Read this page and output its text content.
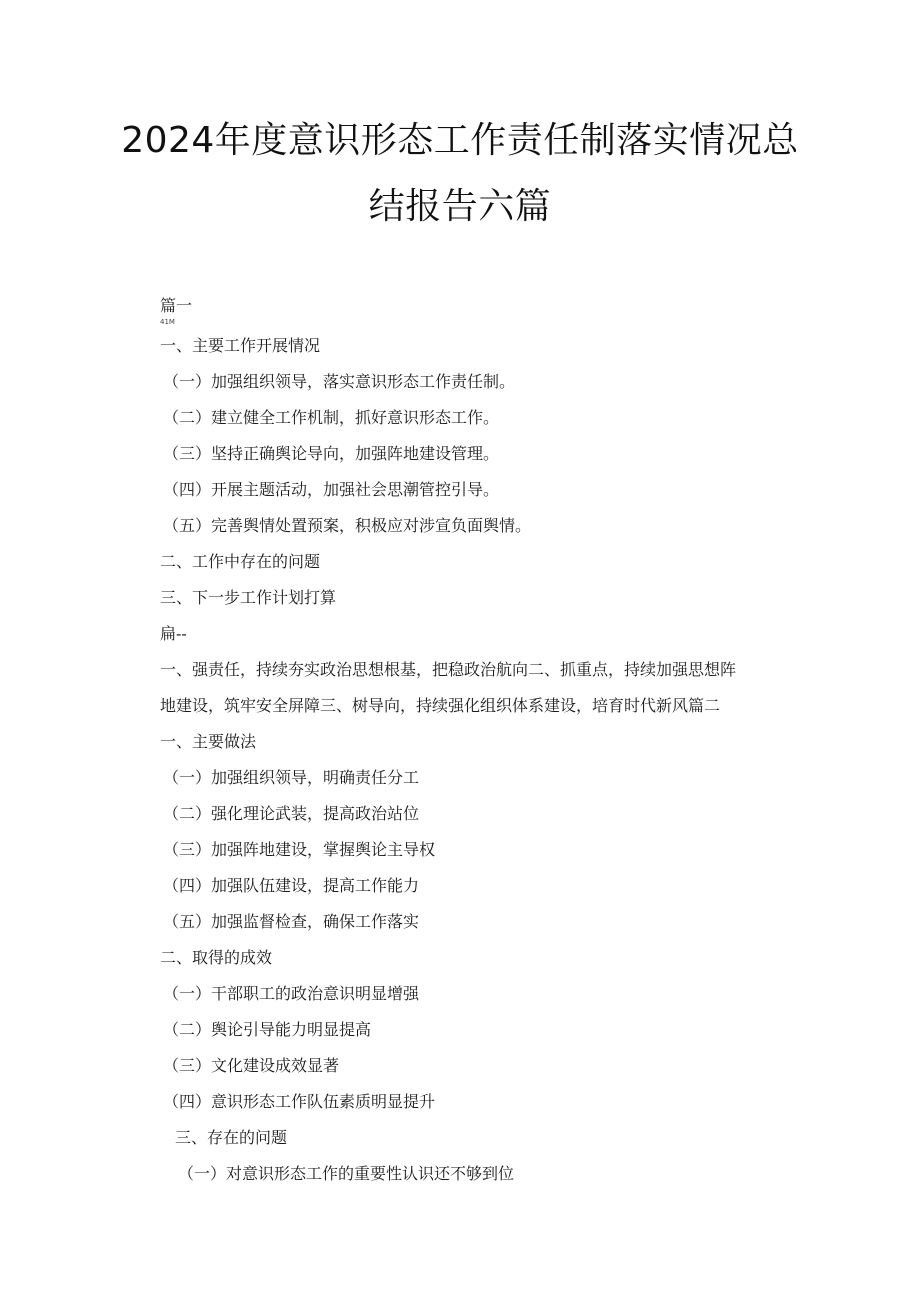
2024年度意识形态工作责任制落实情况总
结报告六篇

篇一

41M

一、主要工作开展情况

（一）加强组织领导，落实意识形态工作责任制。

（二）建立健全工作机制，抓好意识形态工作。

（三）坚持正确舆论导向，加强阵地建设管理。

（四）开展主题活动，加强社会思潮管控引导。

（五）完善舆情处置预案，积极应对涉宣负面舆情。

二、工作中存在的问题

三、下一步工作计划打算

扁--

一、强责任，持续夯实政治思想根基，把稳政治航向二、抓重点，持续加强思想阵

地建设，筑牢安全屏障三、树导向，持续强化组织体系建设，培育时代新风篇二

一、主要做法

（一）加强组织领导，明确责任分工

（二）强化理论武装，提高政治站位

（三）加强阵地建设，掌握舆论主导权

（四）加强队伍建设，提高工作能力

（五）加强监督检查，确保工作落实

二、取得的成效

（一）干部职工的政治意识明显增强

（二）舆论引导能力明显提高

（三）文化建设成效显著

（四）意识形态工作队伍素质明显提升

三、存在的问题

（一）对意识形态工作的重要性认识还不够到位
